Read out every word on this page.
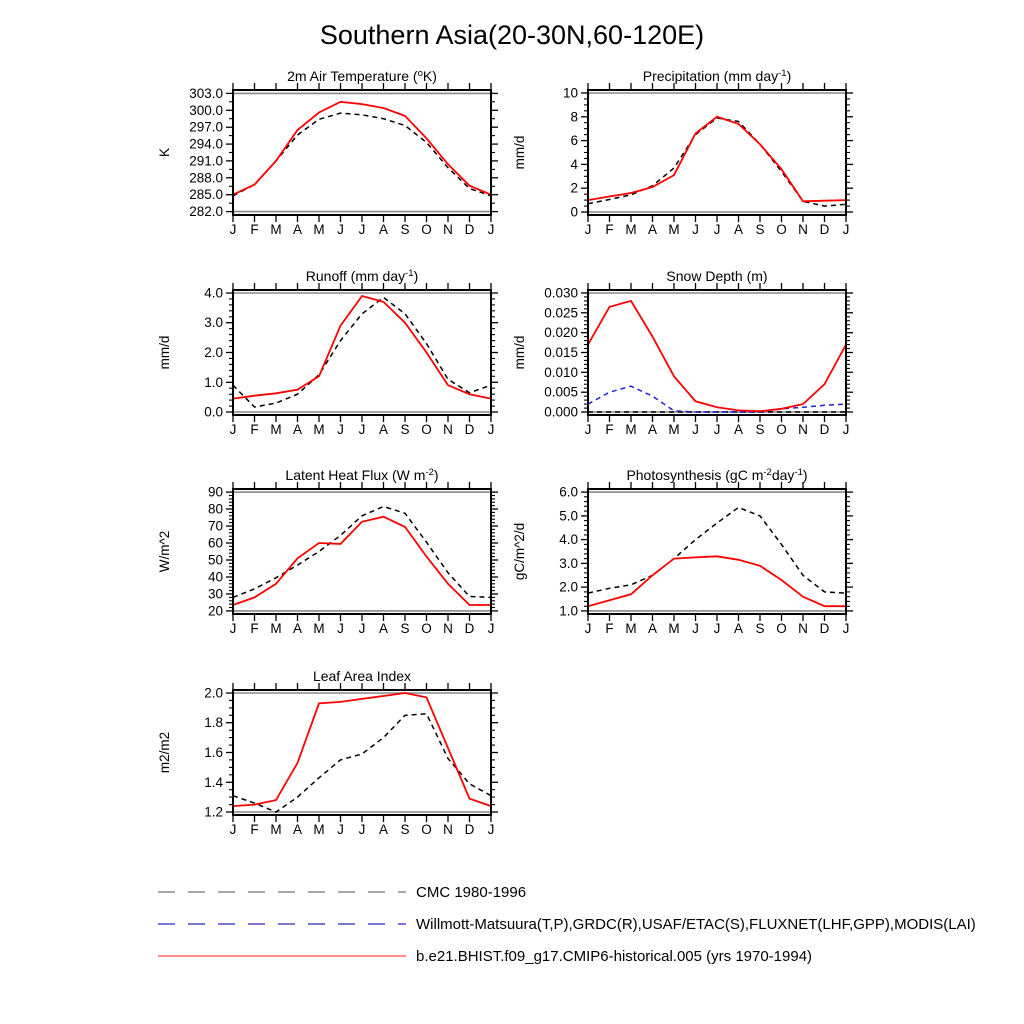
Southern Asia(20-30N,60-120E)
J F M A M J J A S O N D J
282.0
285.0
288.0
291.0
294.0
297.0
300.0
303.0
K
2m Air Temperature ($^o$K)
J F M A M J J A S O N D J
0
2
4
6
8
10
mm/d
Precipitation (mm day$^{-1}$)
J F M A M J J A S O N D J
0.0
1.0
2.0
3.0
4.0
mm/d
Runoff (mm day$^{-1}$)
J F M A M J J A S O N D J
0.000
0.005
0.010
0.015
0.020
0.025
0.030
mm/d
Snow Depth (m)
J F M A M J J A S O N D J
20
30
40
50
60
70
80
90
W/m^2
Latent Heat Flux (W $m^{-2}$)
J F M A M J J A S O N D J
1.0
2.0
3.0
4.0
5.0
6.0
gC/m^2/d
Photosynthesis (gC $m^{-2}day^{-1}$)
J F M A M J J A S O N D J
1.2
1.4
1.6
1.8
2.0
m2/m2
Leaf Area Index
CMC 1980-1996
Willmott-Matsuura(T,P),GRDC(R),USAF/ETAC(S),FLUXNET(LHF,GPP),MODIS(LAI)
b.e21.BHIST.f09_g17.CMIP6-historical.005 (yrs 1970-1994)
